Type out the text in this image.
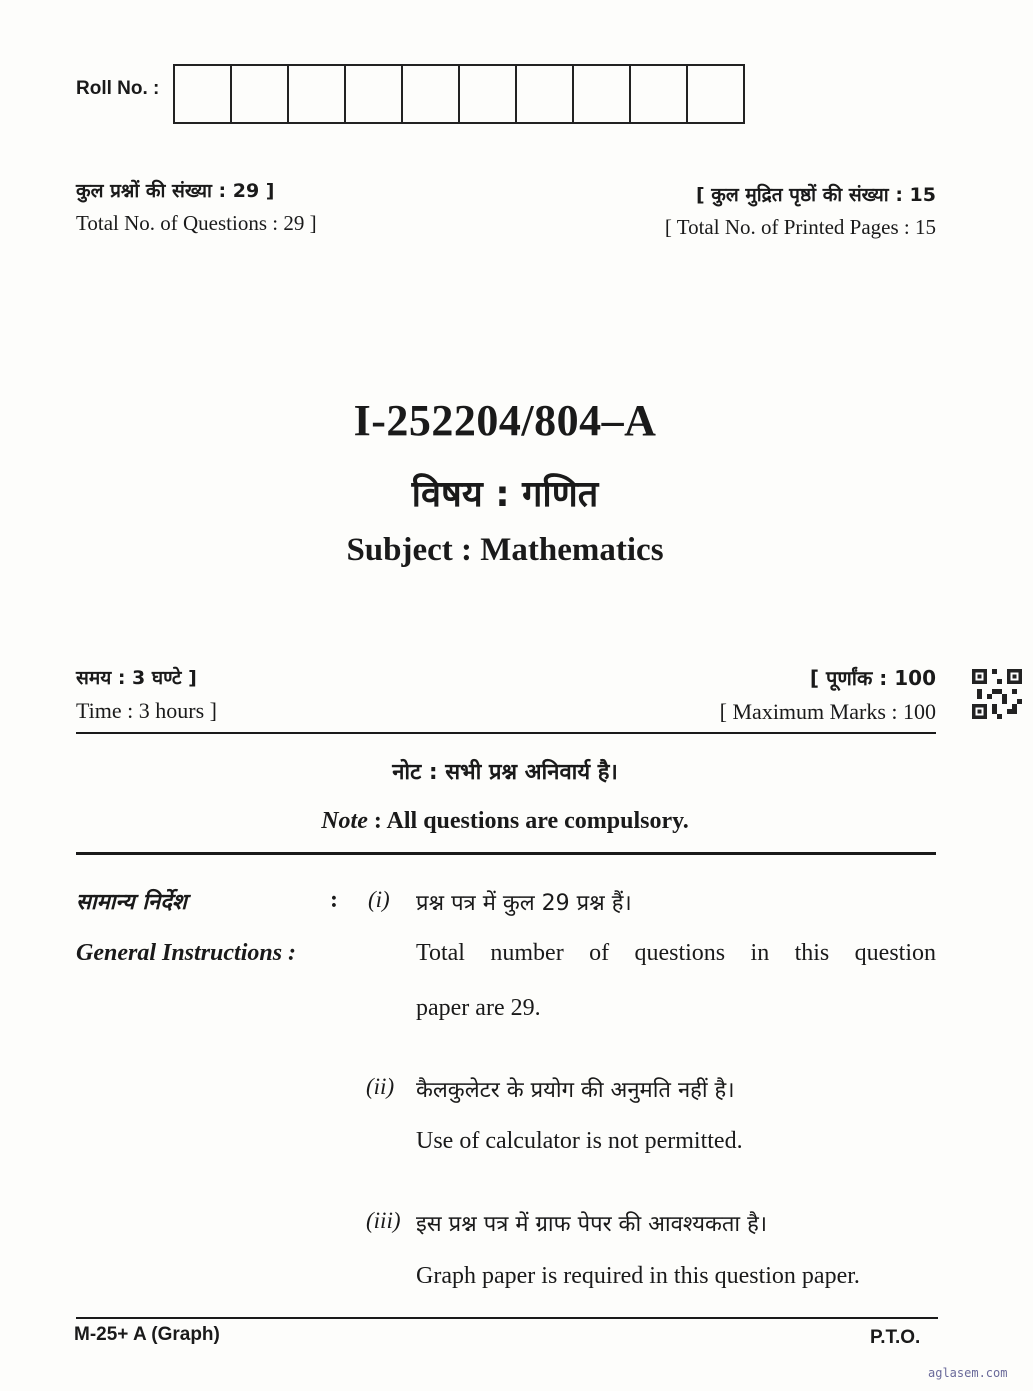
Roll No. :
कुल प्रश्नों की संख्या : 29 ]
Total No. of Questions : 29 ]
[ कुल मुद्रित पृष्ठों की संख्या : 15
[ Total No. of Printed Pages : 15
I-252204/804–A
विषय : गणित
Subject : Mathematics
समय : 3 घण्टे ]
Time : 3 hours ]
[ पूर्णांक : 100
[ Maximum Marks : 100
नोट : सभी प्रश्न अनिवार्य है।
Note : All questions are compulsory.
सामान्य निर्देश	:
General Instructions :
(i) प्रश्न पत्र में कुल 29 प्रश्न हैं।
Total number of questions in this question
paper are 29.
(ii) कैलकुलेटर के प्रयोग की अनुमति नहीं है।
Use of calculator is not permitted.
(iii) इस प्रश्न पत्र में ग्राफ पेपर की आवश्यकता है।
Graph paper is required in this question paper.
M-25+ A (Graph)	P.T.O.
aglasem.com
